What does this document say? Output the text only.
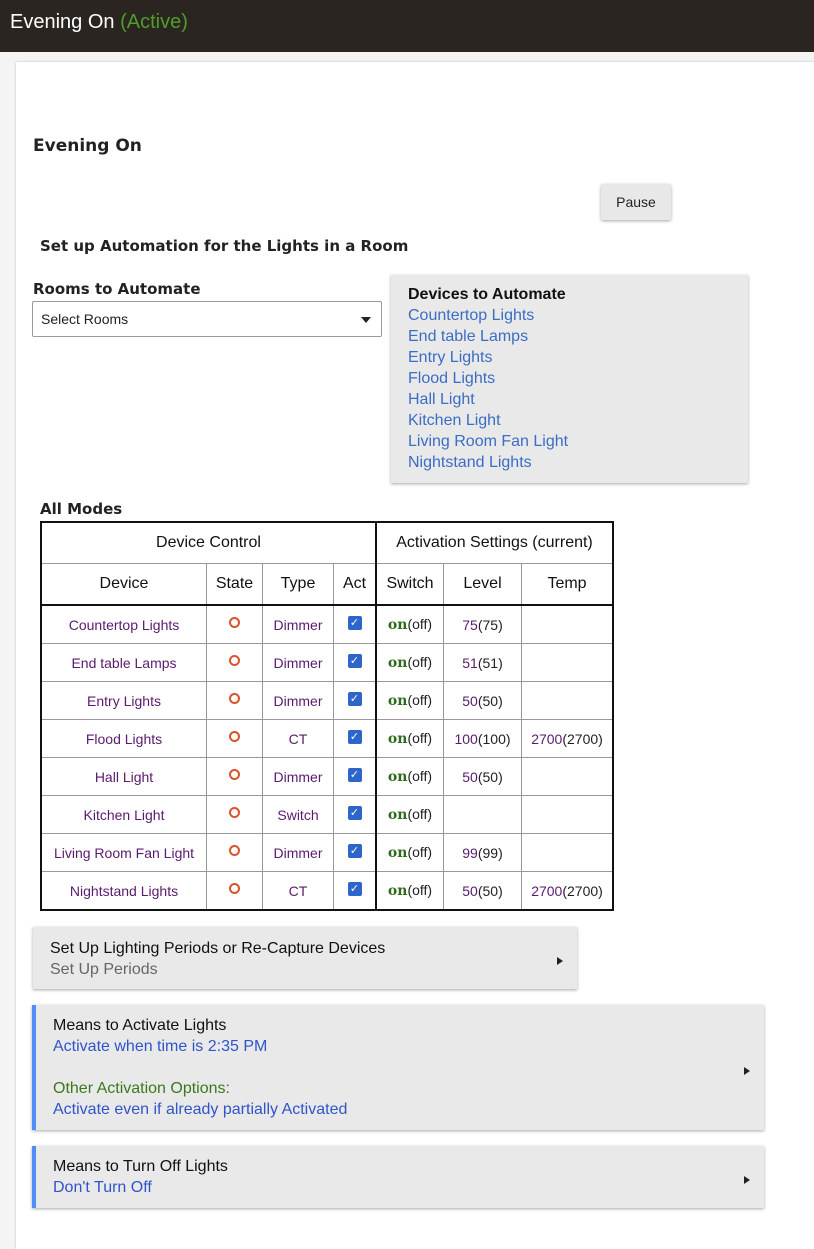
Evening On (Active)
Evening On
Pause
Set up Automation for the Lights in a Room
Rooms to Automate
Select Rooms
Devices to Automate
Countertop Lights
End table Lamps
Entry Lights
Flood Lights
Hall Light
Kitchen Light
Living Room Fan Light
Nightstand Lights
All Modes
Device Control				Activation Settings (current)		
Device	State	Type	Act	Switch	Level	Temp
Countertop Lights		Dimmer	✓	on(off)	75(75)	
End table Lamps		Dimmer	✓	on(off)	51(51)	
Entry Lights		Dimmer	✓	on(off)	50(50)	
Flood Lights		CT	✓	on(off)	100(100)	2700(2700)
Hall Light		Dimmer	✓	on(off)	50(50)	
Kitchen Light		Switch	✓	on(off)		
Living Room Fan Light		Dimmer	✓	on(off)	99(99)	
Nightstand Lights		CT	✓	on(off)	50(50)	2700(2700)
Set Up Lighting Periods or Re-Capture Devices
Set Up Periods
Means to Activate Lights
Activate when time is 2:35 PM
Other Activation Options:
Activate even if already partially Activated
Means to Turn Off Lights
Don't Turn Off
